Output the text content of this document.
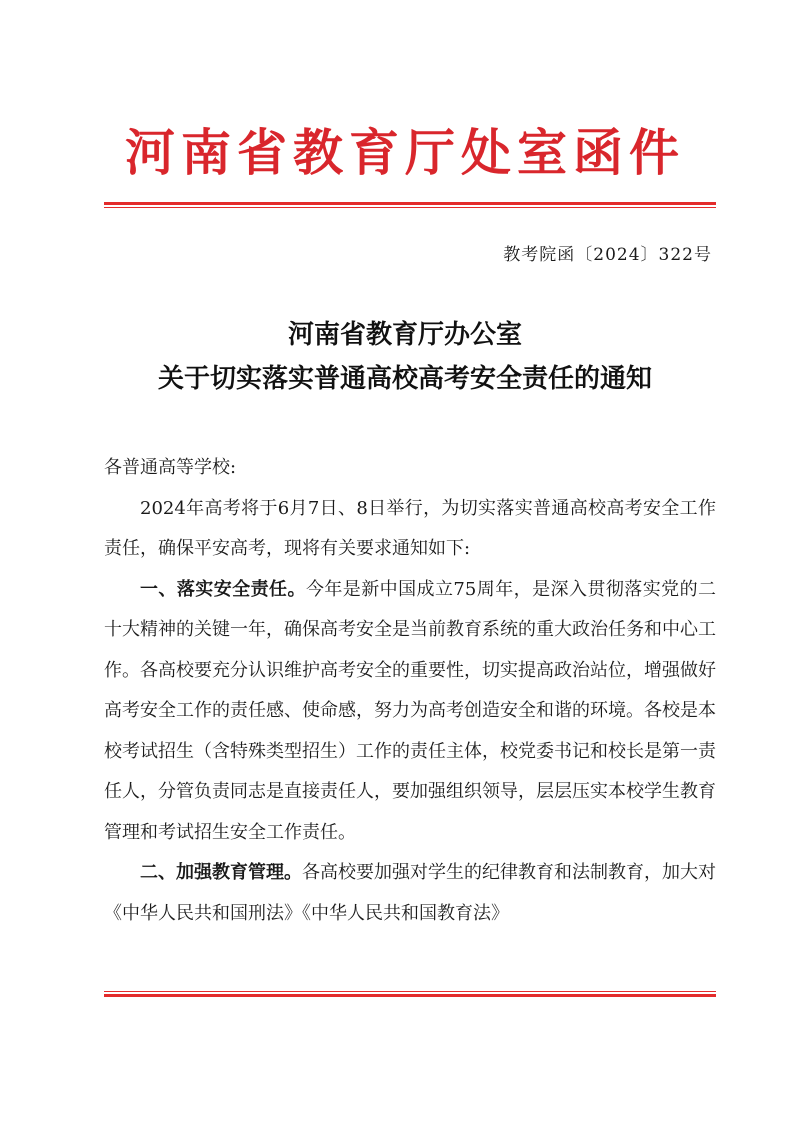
河南省教育厅处室函件
教考院函〔2024〕322号
河南省教育厅办公室
关于切实落实普通高校高考安全责任的通知

各普通高等学校:

2024年高考将于6月7日、8日举行，为切实落实普通高校高考安全工作责任，确保平安高考，现将有关要求通知如下:

一、落实安全责任。今年是新中国成立75周年，是深入贯彻落实党的二十大精神的关键一年，确保高考安全是当前教育系统的重大政治任务和中心工作。各高校要充分认识维护高考安全的重要性，切实提高政治站位，增强做好高考安全工作的责任感、使命感，努力为高考创造安全和谐的环境。各校是本校考试招生（含特殊类型招生）工作的责任主体，校党委书记和校长是第一责任人，分管负责同志是直接责任人，要加强组织领导，层层压实本校学生教育管理和考试招生安全工作责任。

二、加强教育管理。各高校要加强对学生的纪律教育和法制教育，加大对《中华人民共和国刑法》《中华人民共和国教育法》
